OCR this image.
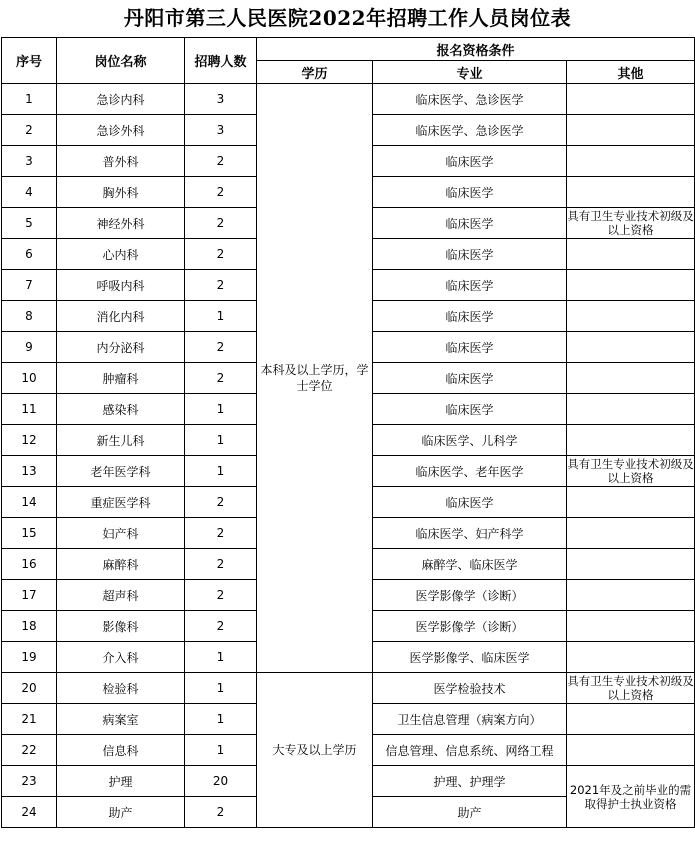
丹阳市第三人民医院2022年招聘工作人员岗位表
序号	岗位名称	招聘人数	报名资格条件		
			学历	专业	其他
1	急诊内科	3	本科及以上学历，学士学位	临床医学、急诊医学	
2	急诊外科	3		临床医学、急诊医学	
3	普外科	2		临床医学	
4	胸外科	2		临床医学	
5	神经外科	2		临床医学	具有卫生专业技术初级及以上资格
6	心内科	2		临床医学	
7	呼吸内科	2		临床医学	
8	消化内科	1		临床医学	
9	内分泌科	2		临床医学	
10	肿瘤科	2		临床医学	
11	感染科	1		临床医学	
12	新生儿科	1		临床医学、儿科学	
13	老年医学科	1		临床医学、老年医学	具有卫生专业技术初级及以上资格
14	重症医学科	2		临床医学	
15	妇产科	2		临床医学、妇产科学	
16	麻醉科	2		麻醉学、临床医学	
17	超声科	2		医学影像学（诊断）	
18	影像科	2		医学影像学（诊断）	
19	介入科	1		医学影像学、临床医学	
20	检验科	1	大专及以上学历	医学检验技术	具有卫生专业技术初级及以上资格
21	病案室	1		卫生信息管理（病案方向）	
22	信息科	1		信息管理、信息系统、网络工程	
23	护理	20		护理、护理学	2021年及之前毕业的需取得护士执业资格
24	助产	2		助产	
